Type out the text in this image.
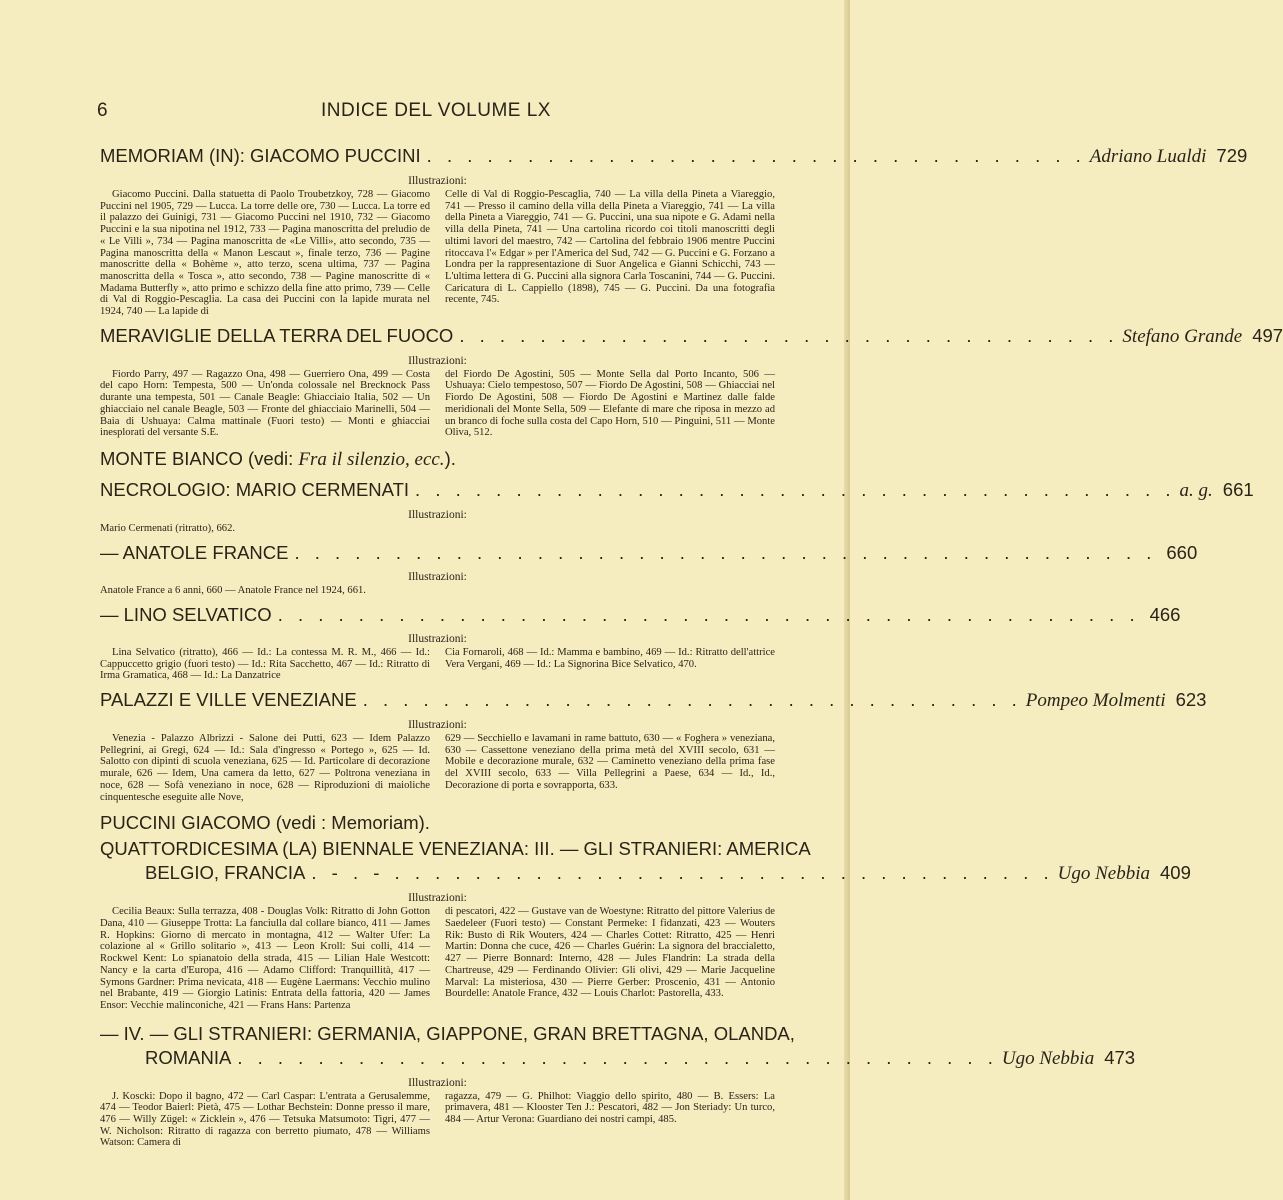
6	INDICE DEL VOLUME LX
MEMORIAM (IN): GIACOMO PUCCINI . . . . . . . . . . . . . . . . . . . . . . . . . . . . . . . . . Adriano Lualdi 729
Illustrazioni:
Giacomo Puccini. Dalla statuetta di Paolo Troubetzkoy, 728 — Giacomo Puccini nel 1905, 729 — Lucca. La torre delle ore, 730 — Lucca. La torre ed il palazzo dei Guinigi, 731 — Giacomo Puccini nel 1910, 732 — Giacomo Puccini e la sua nipotina nel 1912, 733 — Pagina manoscritta del preludio de « Le Villi », 734 — Pagina manoscritta de «Le Villi», atto secondo, 735 — Pagina manoscritta della « Manon Lescaut », finale terzo, 736 — Pagine manoscritte della « Bohème », atto terzo, scena ultima, 737 — Pagina manoscritta della « Tosca », atto secondo, 738 — Pagine manoscritte di « Madama Butterfly », atto primo e schizzo della fine atto primo, 739 — Celle di Val di Roggio-Pescaglia. La casa dei Puccini con la lapide murata nel 1924, 740 — La lapide di
Celle di Val di Roggio-Pescaglia, 740 — La villa della Pineta a Viareggio, 741 — Presso il camino della villa della Pineta a Viareggio, 741 — La villa della Pineta a Viareggio, 741 — G. Puccini, una sua nipote e G. Adami nella villa della Pineta, 741 — Una cartolina ricordo coi titoli manoscritti degli ultimi lavori del maestro, 742 — Cartolina del febbraio 1906 mentre Puccini ritoccava l'« Edgar » per l'America del Sud, 742 — G. Puccini e G. Forzano a Londra per la rappresentazione di Suor Angelica e Gianni Schicchi, 743 — L'ultima lettera di G. Puccini alla signora Carla Toscanini, 744 — G. Puccini. Caricatura di L. Cappiello (1898), 745 — G. Puccini. Da una fotografia recente, 745.
MERAVIGLIE DELLA TERRA DEL FUOCO . . . . . . . . . . . . . . . . . . . . . . . . . . . . . . . . . Stefano Grande 497
Illustrazioni:
Fiordo Parry, 497 — Ragazzo Ona, 498 — Guerriero Ona, 499 — Costa del capo Horn: Tempesta, 500 — Un'onda colossale nel Brecknock Pass durante una tempesta, 501 — Canale Beagle: Ghiacciaio Italia, 502 — Un ghiacciaio nel canale Beagle, 503 — Fronte del ghiacciaio Marinelli, 504 — Baia di Ushuaya: Calma mattinale (Fuori testo) — Monti e ghiacciai inesplorati del versante S.E.
del Fiordo De Agostini, 505 — Monte Sella dal Porto Incanto, 506 — Ushuaya: Cielo tempestoso, 507 — Fiordo De Agostini, 508 — Ghiacciai nel Fiordo De Agostini, 508 — Fiordo De Agostini e Martinez dalle falde meridionali del Monte Sella, 509 — Elefante di mare che riposa in mezzo ad un branco di foche sulla costa del Capo Horn, 510 — Pinguini, 511 — Monte Oliva, 512.
MONTE BIANCO (vedi: Fra il silenzio, ecc.).
NECROLOGIO: MARIO CERMENATI . . . . . . . . . . . . . . . . . . . . . . . . . . . . . . . . . . . . . . a. g. 661
Illustrazioni:
Mario Cermenati (ritratto), 662.
— ANATOLE FRANCE . . . . . . . . . . . . . . . . . . . . . . . . . . . . . . . . . . . . . . . . . . . 660
Illustrazioni:
Anatole France a 6 anni, 660 — Anatole France nel 1924, 661.
— LINO SELVATICO . . . . . . . . . . . . . . . . . . . . . . . . . . . . . . . . . . . . . . . . . . . 466
Illustrazioni:
Lina Selvatico (ritratto), 466 — Id.: La contessa M. R. M., 466 — Id.: Cappuccetto grigio (fuori testo) — Id.: Rita Sacchetto, 467 — Id.: Ritratto di Irma Gramatica, 468 — Id.: La Danzatrice
Cia Fornaroli, 468 — Id.: Mamma e bambino, 469 — Id.: Ritratto dell'attrice Vera Vergani, 469 — Id.: La Signorina Bice Selvatico, 470.
PALAZZI E VILLE VENEZIANE . . . . . . . . . . . . . . . . . . . . . . . . . . . . . . . . . Pompeo Molmenti 623
Illustrazioni:
Venezia - Palazzo Albrizzi - Salone dei Putti, 623 — Idem Palazzo Pellegrini, ai Gregi, 624 — Id.: Sala d'ingresso « Portego », 625 — Id. Salotto con dipinti di scuola veneziana, 625 — Id. Particolare di decorazione murale, 626 — Idem, Una camera da letto, 627 — Poltrona veneziana in noce, 628 — Sofà veneziano in noce, 628 — Riproduzioni di maioliche cinquentesche eseguite alle Nove,
629 — Secchiello e lavamani in rame battuto, 630 — « Foghera » veneziana, 630 — Cassettone veneziano della prima metà del XVIII secolo, 631 — Mobile e decorazione murale, 632 — Caminetto veneziano della prima fase del XVIII secolo, 633 — Villa Pellegrini a Paese, 634 — Id., Id., Decorazione di porta e sovrapporta, 633.
PUCCINI GIACOMO (vedi : Memoriam).
QUATTORDICESIMA (LA) BIENNALE VENEZIANA: III. — GLI STRANIERI: AMERICA
BELGIO, FRANCIA . - . - . . . . . . . . . . . . . . . . . . . . . . . . . . . . . . . . . Ugo Nebbia 409
Illustrazioni:
Cecilia Beaux: Sulla terrazza, 408 - Douglas Volk: Ritratto di John Gotton Dana, 410 — Giuseppe Trotta: La fanciulla dal collare bianco, 411 — James R. Hopkins: Giorno di mercato in montagna, 412 — Walter Ufer: La colazione al « Grillo solitario », 413 — Leon Kroll: Sui colli, 414 — Rockwel Kent: Lo spianatoio della strada, 415 — Lilian Hale Westcott: Nancy e la carta d'Europa, 416 — Adamo Clifford: Tranquillità, 417 — Symons Gardner: Prima nevicata, 418 — Eugène Laermans: Vecchio mulino nel Brabante, 419 — Giorgio Latinis: Entrata della fattoria, 420 — James Ensor: Vecchie malinconiche, 421 — Frans Hans: Partenza
di pescatori, 422 — Gustave van de Woestyne: Ritratto del pittore Valerius de Saedeleer (Fuori testo) — Constant Permeke: I fidanzati, 423 — Wouters Rik: Busto di Rik Wouters, 424 — Charles Cottet: Ritratto, 425 — Henri Martin: Donna che cuce, 426 — Charles Guérin: La signora del braccialetto, 427 — Pierre Bonnard: Interno, 428 — Jules Flandrin: La strada della Chartreuse, 429 — Ferdinando Olivier: Gli olivi, 429 — Marie Jacqueline Marval: La misteriosa, 430 — Pierre Gerber: Proscenio, 431 — Antonio Bourdelle: Anatole France, 432 — Louis Charlot: Pastorella, 433.
— IV. — GLI STRANIERI: GERMANIA, GIAPPONE, GRAN BRETTAGNA, OLANDA,
ROMANIA . . . . . . . . . . . . . . . . . . . . . . . . . . . . . . . . . . . . . . Ugo Nebbia 473
Illustrazioni:
J. Koscki: Dopo il bagno, 472 — Carl Caspar: L'entrata a Gerusalemme, 474 — Teodor Baierl: Pietà, 475 — Lothar Bechstein: Donne presso il mare, 476 — Willy Zügel: « Zicklein », 476 — Tetsuka Matsumoto: Tigri, 477 — W. Nicholson: Ritratto di ragazza con berretto piumato, 478 — Williams Watson: Camera di
ragazza, 479 — G. Philhot: Viaggio dello spirito, 480 — B. Essers: La primavera, 481 — Klooster Ten J.: Pescatori, 482 — Jon Steriady: Un turco, 484 — Artur Verona: Guardiano dei nostri campi, 485.
